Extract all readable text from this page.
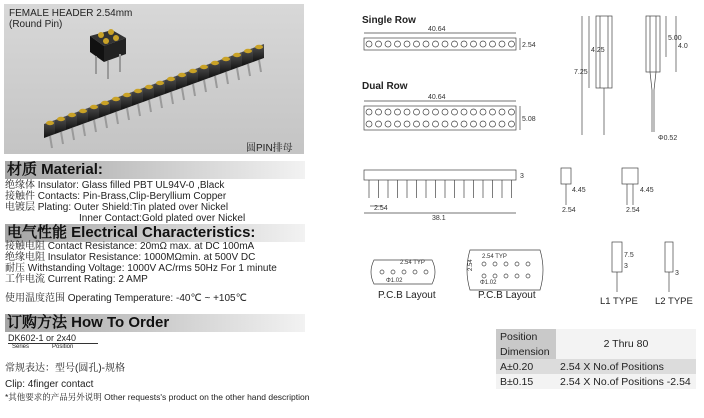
FEMALE HEADER 2.54mm
(Round Pin)
圆PIN排母
材质 Material:
绝缘体 Insulator: Glass filled PBT UL94V-0 ,Black
接触件 Contacts: Pin-Brass,Clip-Beryllium Copper
电镀层 Plating: Outer Shield:Tin plated over Nickel
Inner Contact:Gold plated over Nickel
电气性能 Electrical Characteristics:
接触电阻 Contact Resistance: 20mΩ max. at DC 100mA
绝缘电阻 Insulator Resistance: 1000MΩmin. at 500V DC
耐压 Withstanding Voltage: 1000V AC/rms 50Hz For 1 minute
工作电流 Current Rating: 2 AMP
使用温度范围 Operating Temperature: -40℃ ~ +105℃
订购方法 How To Order
DK602-1 or 2x40
Series	Position
常规表达：型号(圆孔)-规格
Clip: 4finger contact
*其他要求的产品另外说明 Other requests's product on the other hand description
Single Row
40.64
2.54
Dual Row
40.64
5.08
3
2.54
38.1
4.25
7.25
5.00
4.0
Φ0.52
4.45
2.54
4.45
2.54
2.54 TYP
Φ1.02
P.C.B Layout
2.54 TYP
2.54
Φ1.02
P.C.B Layout
7.5
3
3
L1 TYPE L2 TYPE
Position	2 Thru 80
Dimension	
A±0.20	2.54 X No.of Positions
B±0.15	2.54 X No.of Positions -2.54
